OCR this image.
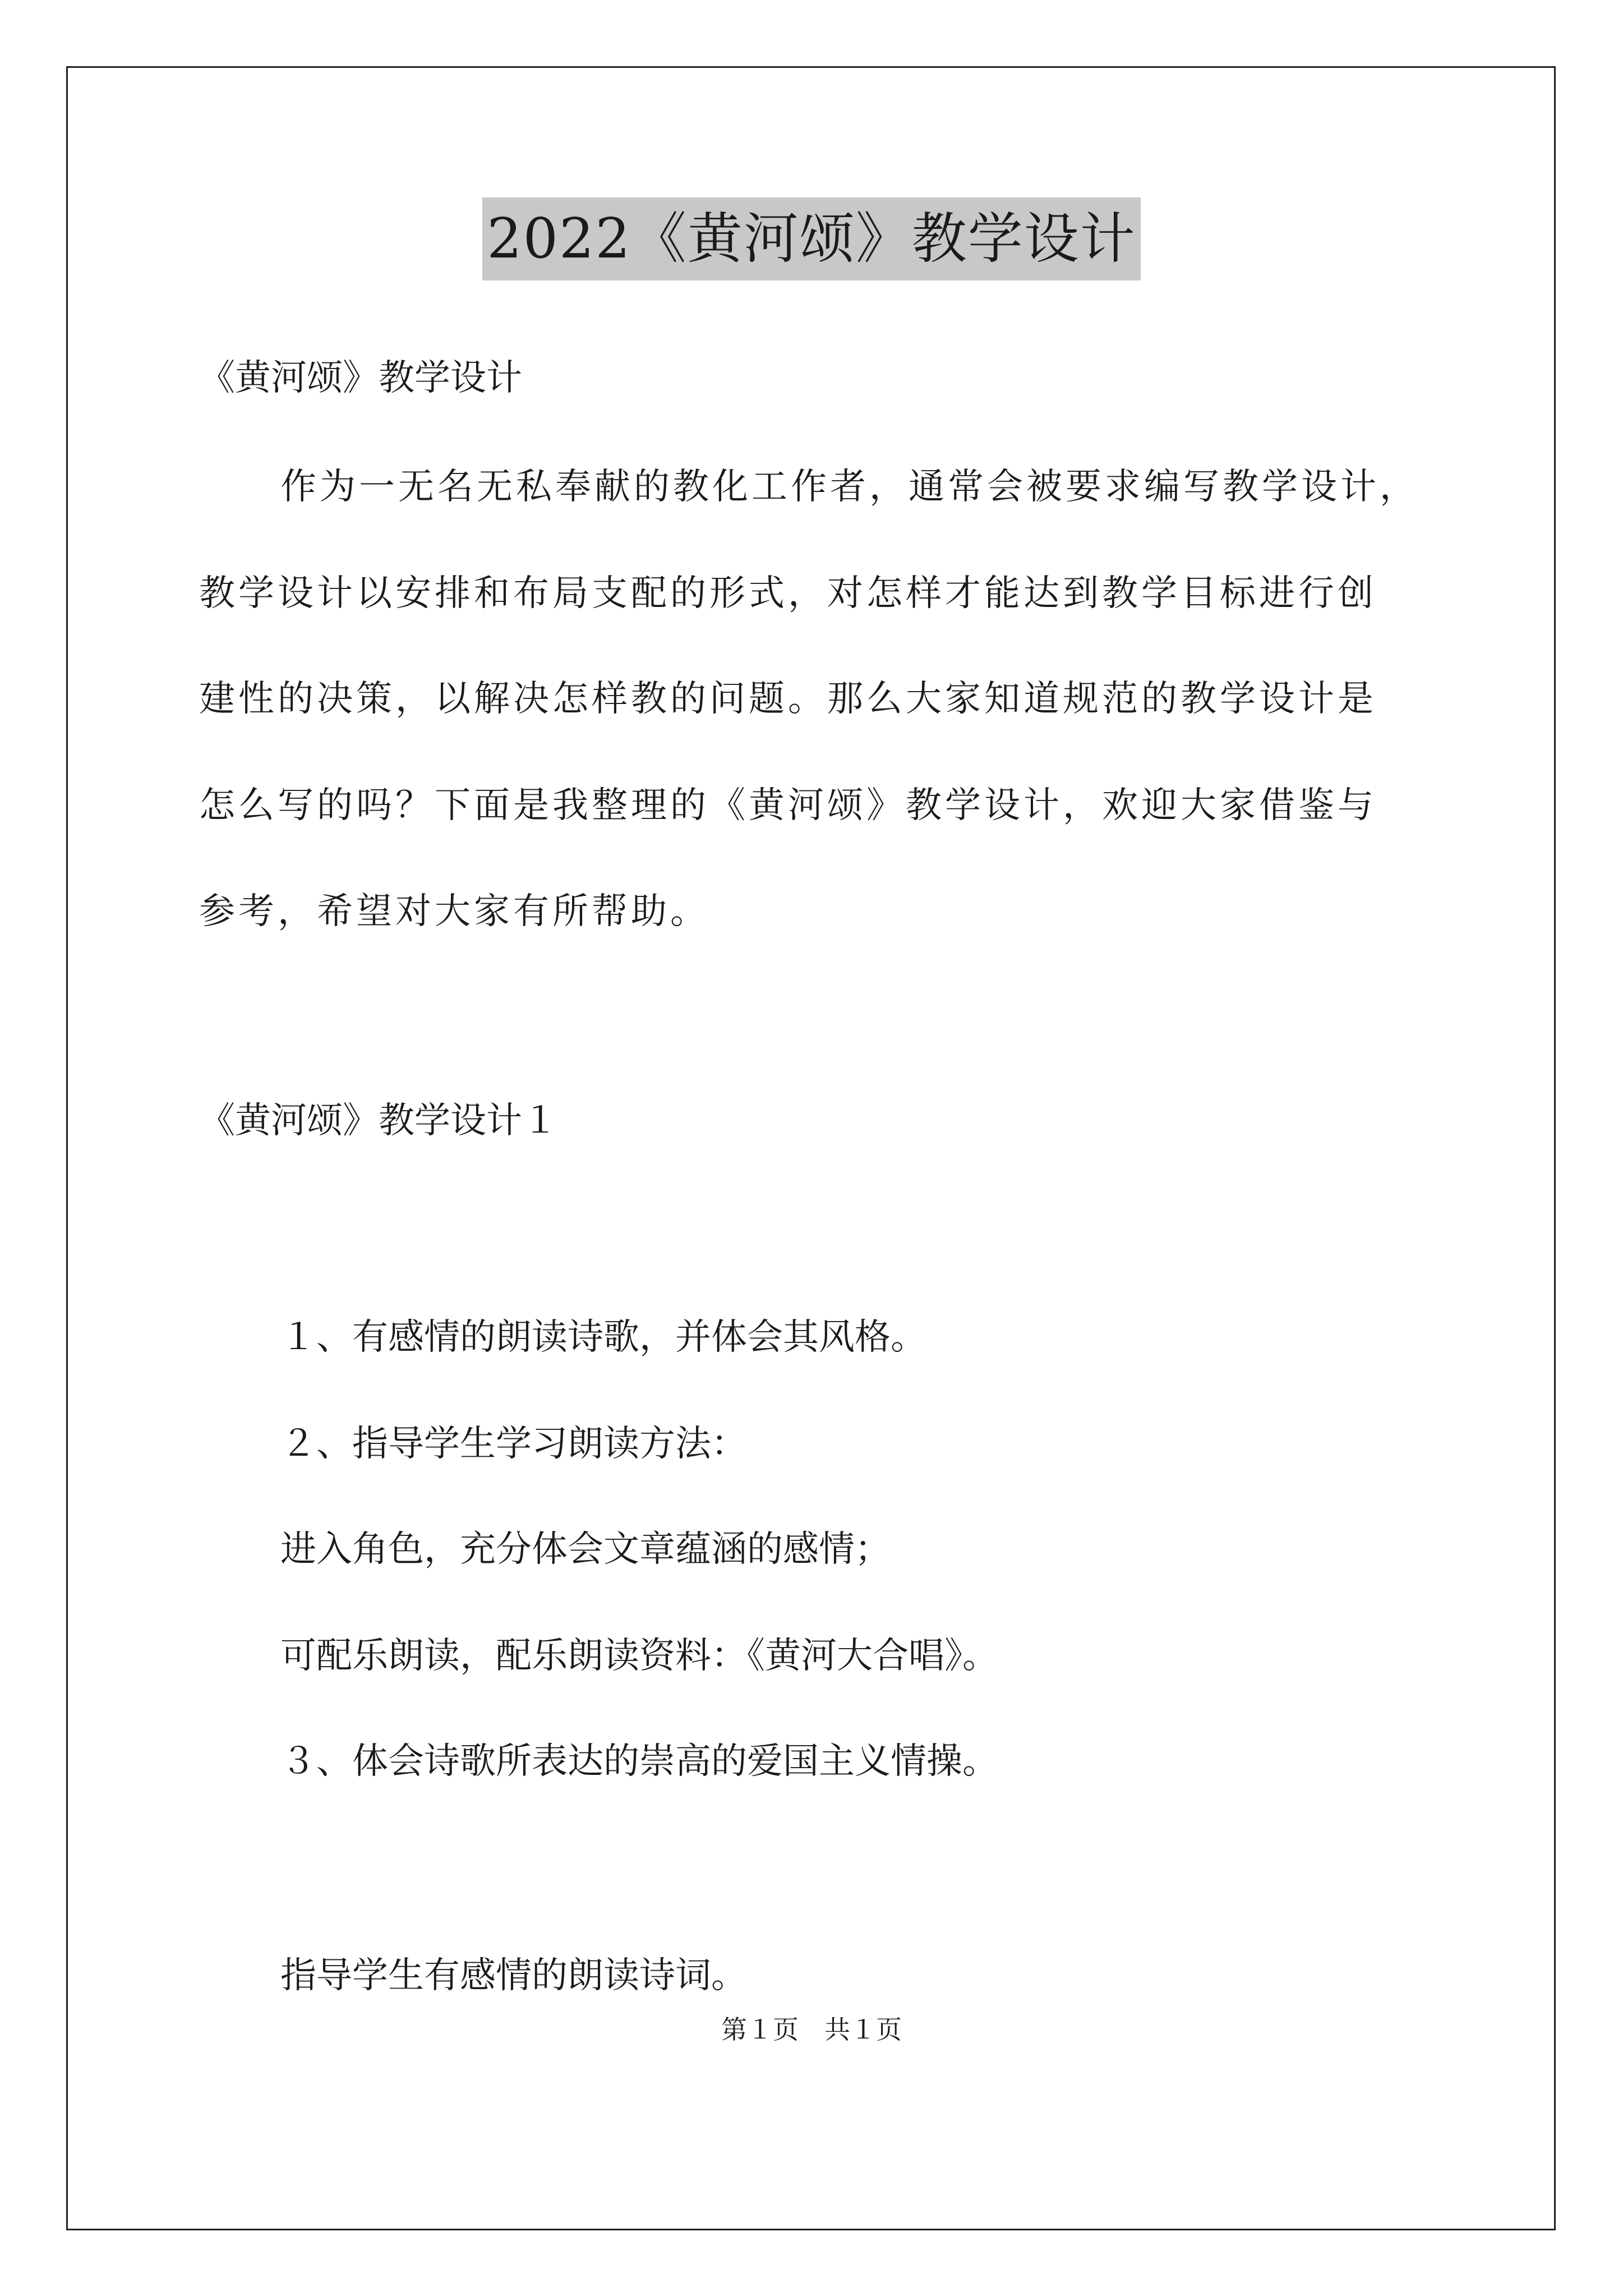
2022《黄河颂》教学设计
《黄河颂》教学设计
作为一无名无私奉献的教化工作者，通常会被要求编写教学设计，
教学设计以安排和布局支配的形式，对怎样才能达到教学目标进行创
建性的决策，以解决怎样教的问题。那么大家知道规范的教学设计是
怎么写的吗？下面是我整理的《黄河颂》教学设计，欢迎大家借鉴与
参考，希望对大家有所帮助。
《黄河颂》教学设计１
１、有感情的朗读诗歌，并体会其风格。
２、指导学生学习朗读方法：
进入角色，充分体会文章蕴涵的感情；
可配乐朗读，配乐朗读资料：《黄河大合唱》。
３、体会诗歌所表达的崇高的爱国主义情操。
指导学生有感情的朗读诗词。
第１页　共１页
